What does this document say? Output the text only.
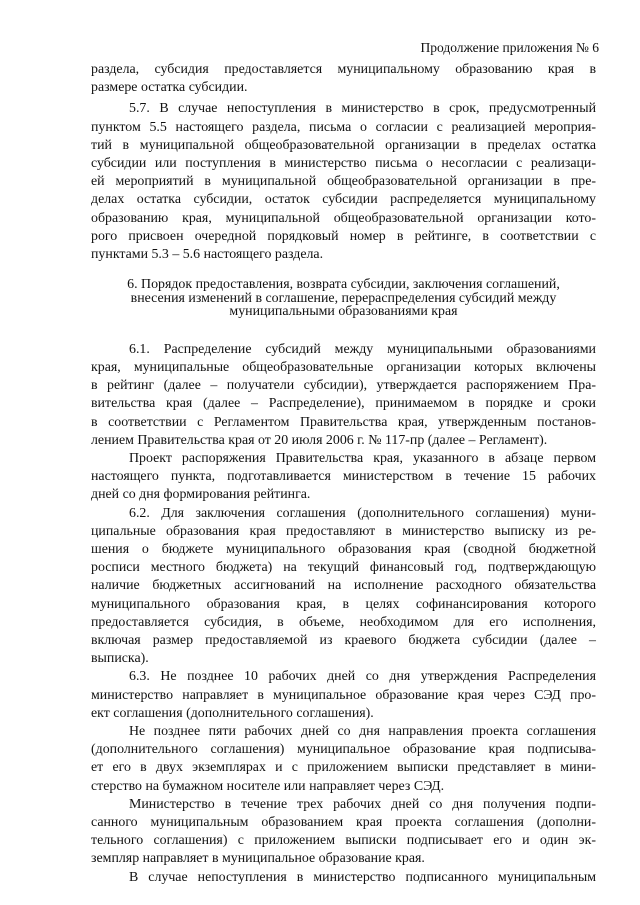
Продолжение приложения № 6

раздела, субсидия предоставляется муниципальному образованию края в

размере остатка субсидии.

5.7. В случае непоступления в министерство в срок, предусмотренный

пунктом 5.5 настоящего раздела, письма о согласии с реализацией мероприя-

тий в муниципальной общеобразовательной организации в пределах остатка

субсидии или поступления в министерство письма о несогласии с реализаци-

ей мероприятий в муниципальной общеобразовательной организации в пре-

делах остатка субсидии, остаток субсидии распределяется муниципальному

образованию края, муниципальной общеобразовательной организации кото-

рого присвоен очередной порядковый номер в рейтинге, в соответствии с

пунктами 5.3 – 5.6 настоящего раздела.

6. Порядок предоставления, возврата субсидии, заключения соглашений,
внесения изменений в соглашение, перераспределения субсидий между
муниципальными образованиями края

6.1. Распределение субсидий между муниципальными образованиями

края, муниципальные общеобразовательные организации которых включены

в рейтинг (далее – получатели субсидии), утверждается распоряжением Пра-

вительства края (далее – Распределение), принимаемом в порядке и сроки

в соответствии с Регламентом Правительства края, утвержденным постанов-

лением Правительства края от 20 июля 2006 г. № 117-пр (далее – Регламент).

Проект распоряжения Правительства края, указанного в абзаце первом

настоящего пункта, подготавливается министерством в течение 15 рабочих

дней со дня формирования рейтинга.

6.2. Для заключения соглашения (дополнительного соглашения) муни-

ципальные образования края предоставляют в министерство выписку из ре-

шения о бюджете муниципального образования края (сводной бюджетной

росписи местного бюджета) на текущий финансовый год, подтверждающую

наличие бюджетных ассигнований на исполнение расходного обязательства

муниципального образования края, в целях софинансирования которого

предоставляется субсидия, в объеме, необходимом для его исполнения,

включая размер предоставляемой из краевого бюджета субсидии (далее –

выписка).

6.3. Не позднее 10 рабочих дней со дня утверждения Распределения

министерство направляет в муниципальное образование края через СЭД про-

ект соглашения (дополнительного соглашения).

Не позднее пяти рабочих дней со дня направления проекта соглашения

(дополнительного соглашения) муниципальное образование края подписыва-

ет его в двух экземплярах и с приложением выписки представляет в мини-

стерство на бумажном носителе или направляет через СЭД.

Министерство в течение трех рабочих дней со дня получения подпи-

санного муниципальным образованием края проекта соглашения (дополни-

тельного соглашения) с приложением выписки подписывает его и один эк-

земпляр направляет в муниципальное образование края.

В случае непоступления в министерство подписанного муниципальным
